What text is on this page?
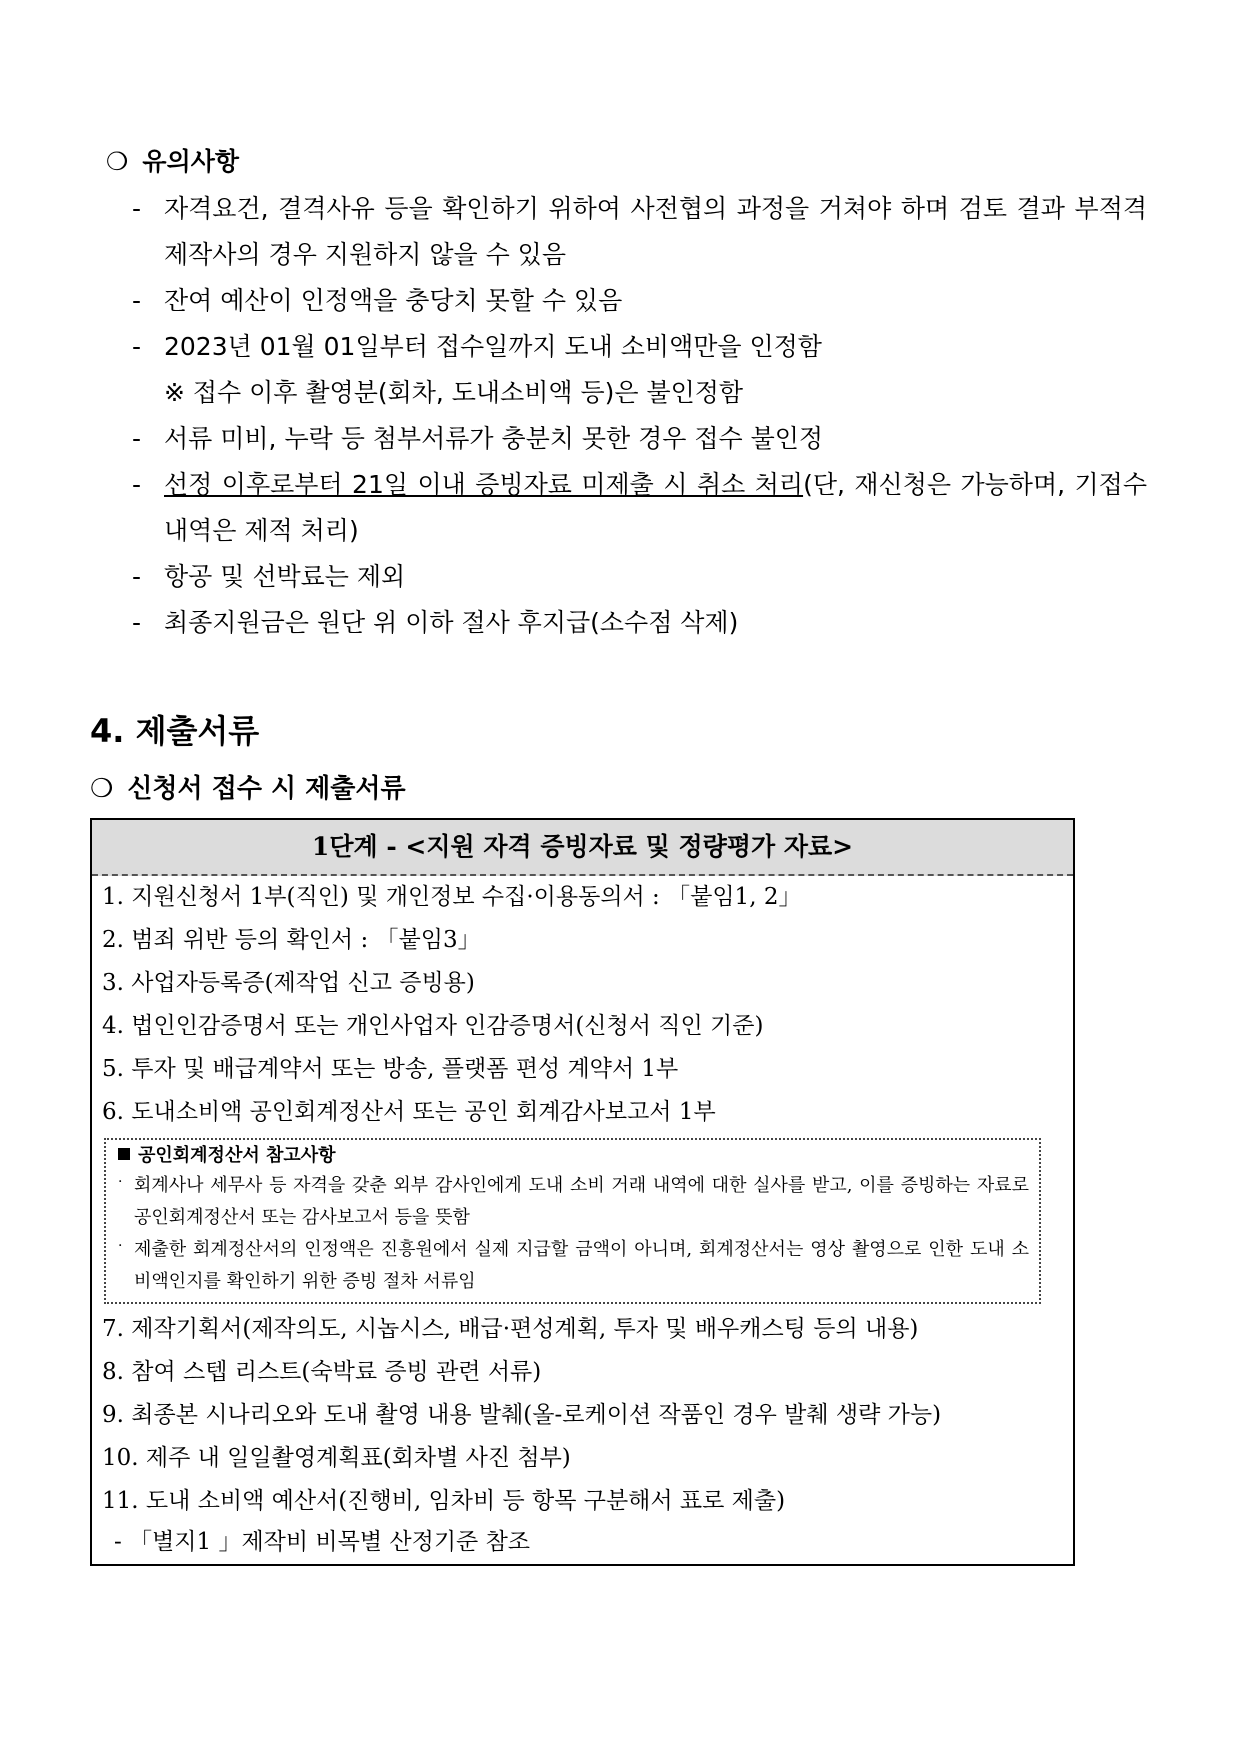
❍ 유의사항
- 자격요건, 결격사유 등을 확인하기 위하여 사전협의 과정을 거쳐야 하며 검토 결과 부적격 제작사의 경우 지원하지 않을 수 있음
- 잔여 예산이 인정액을 충당치 못할 수 있음
- 2023년 01월 01일부터 접수일까지 도내 소비액만을 인정함
※ 접수 이후 촬영분(회차, 도내소비액 등)은 불인정함
- 서류 미비, 누락 등 첨부서류가 충분치 못한 경우 접수 불인정
- 선정 이후로부터 21일 이내 증빙자료 미제출 시 취소 처리(단, 재신청은 가능하며, 기접수 내역은 제적 처리)
- 항공 및 선박료는 제외
- 최종지원금은 원단 위 이하 절사 후지급(소수점 삭제)
4. 제출서류
❍ 신청서 접수 시 제출서류
1단계 - <지원 자격 증빙자료 및 정량평가 자료>
1. 지원신청서 1부(직인) 및 개인정보 수집·이용동의서 : 「붙임1, 2」
2. 범죄 위반 등의 확인서 : 「붙임3」
3. 사업자등록증(제작업 신고 증빙용)
4. 법인인감증명서 또는 개인사업자 인감증명서(신청서 직인 기준)
5. 투자 및 배급계약서 또는 방송, 플랫폼 편성 계약서 1부
6. 도내소비액 공인회계정산서 또는 공인 회계감사보고서 1부
공인회계정산서 참고사항
· 회계사나 세무사 등 자격을 갖춘 외부 감사인에게 도내 소비 거래 내역에 대한 실사를 받고, 이를 증빙하는 자료로 공인회계정산서 또는 감사보고서 등을 뜻함
· 제출한 회계정산서의 인정액은 진흥원에서 실제 지급할 금액이 아니며, 회계정산서는 영상 촬영으로 인한 도내 소비액인지를 확인하기 위한 증빙 절차 서류임
7. 제작기획서(제작의도, 시놉시스, 배급·편성계획, 투자 및 배우캐스팅 등의 내용)
8. 참여 스텝 리스트(숙박료 증빙 관련 서류)
9. 최종본 시나리오와 도내 촬영 내용 발췌(올-로케이션 작품인 경우 발췌 생략 가능)
10. 제주 내 일일촬영계획표(회차별 사진 첨부)
11. 도내 소비액 예산서(진행비, 임차비 등 항목 구분해서 표로 제출)
- 「별지1 」제작비 비목별 산정기준 참조
